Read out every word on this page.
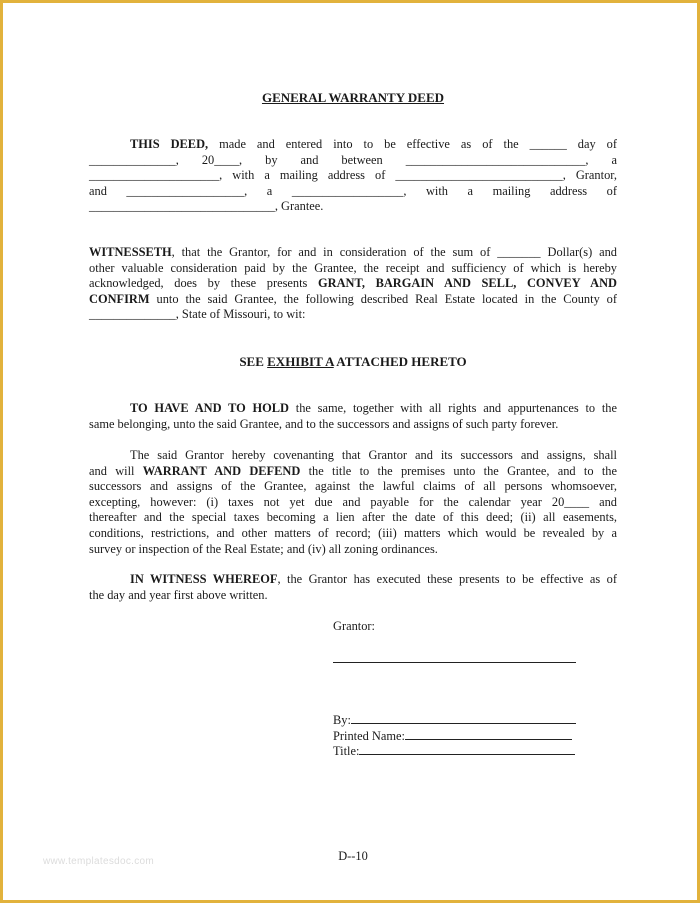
GENERAL WARRANTY DEED
THIS DEED, made and entered into to be effective as of the ______ day of
______________, 20____, by and between _____________________________, a
_____________________, with a mailing address of ___________________________, Grantor,
and ___________________, a __________________, with a mailing address of
______________________________, Grantee.
WITNESSETH, that the Grantor, for and in consideration of the sum of _______ Dollar(s) and
other valuable consideration paid by the Grantee, the receipt and sufficiency of which is hereby
acknowledged, does by these presents GRANT, BARGAIN AND SELL, CONVEY AND
CONFIRM unto the said Grantee, the following described Real Estate located in the County of
______________, State of Missouri, to wit:
SEE EXHIBIT A ATTACHED HERETO
TO HAVE AND TO HOLD the same, together with all rights and appurtenances to the
same belonging, unto the said Grantee, and to the successors and assigns of such party forever.
The said Grantor hereby covenanting that Grantor and its successors and assigns, shall
and will WARRANT AND DEFEND the title to the premises unto the Grantee, and to the
successors and assigns of the Grantee, against the lawful claims of all persons whomsoever,
excepting, however: (i) taxes not yet due and payable for the calendar year 20____ and
thereafter and the special taxes becoming a lien after the date of this deed; (ii) all easements,
conditions, restrictions, and other matters of record; (iii) matters which would be revealed by a
survey or inspection of the Real Estate; and (iv) all zoning ordinances.
IN WITNESS WHEREOF, the Grantor has executed these presents to be effective as of
the day and year first above written.
Grantor:
By:
Printed Name:
Title:
D--10
www.templatesdoc.com
